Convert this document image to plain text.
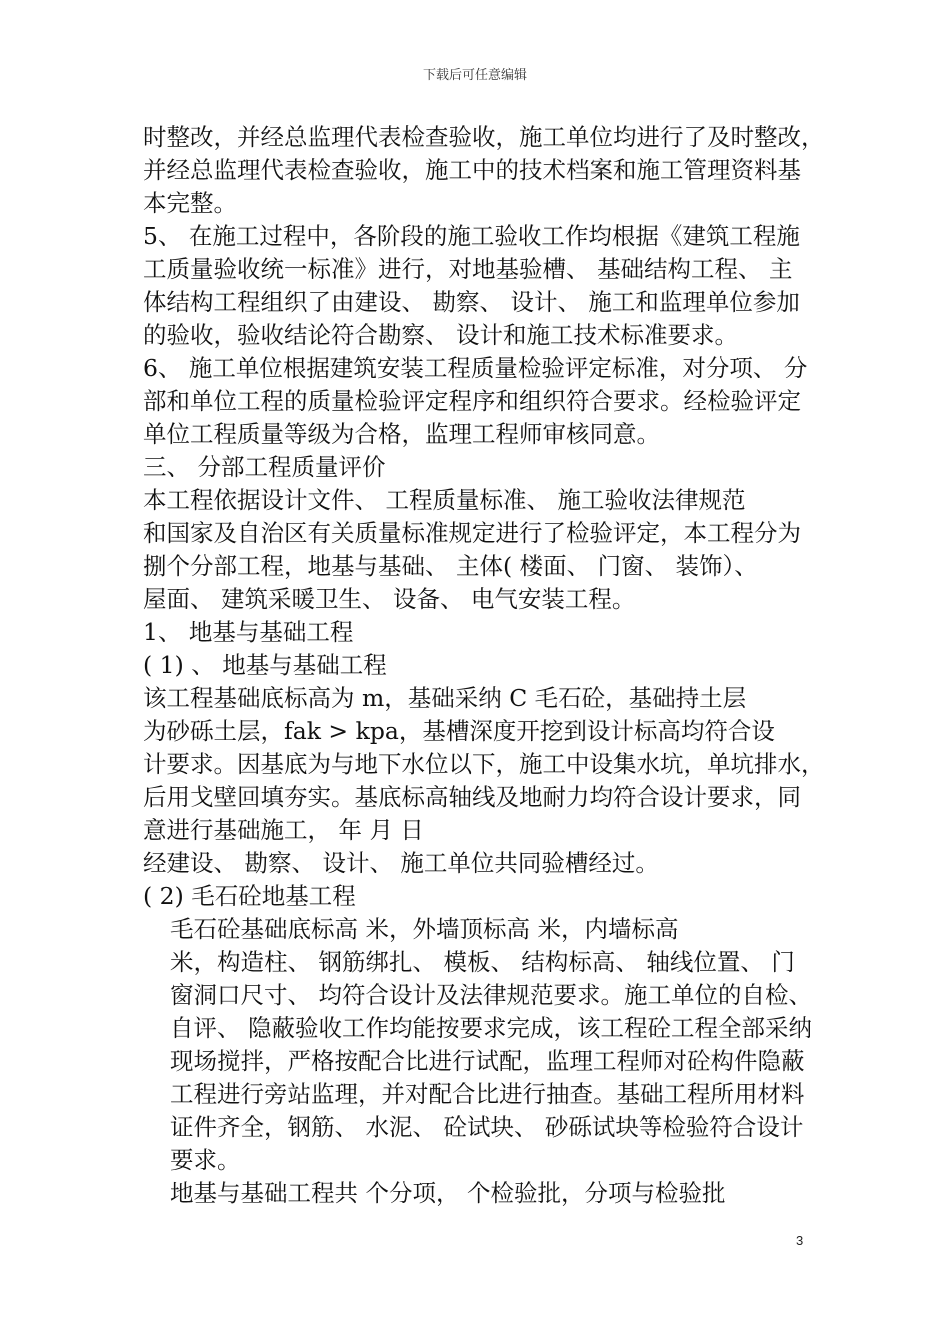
下载后可任意编辑
时整改，并经总监理代表检查验收，施工单位均进行了及时整改，
并经总监理代表检查验收，施工中的技术档案和施工管理资料基
本完整。
5、 在施工过程中，各阶段的施工验收工作均根据《建筑工程施
工质量验收统一标准》进行，对地基验槽、 基础结构工程、 主
体结构工程组织了由建设、 勘察、 设计、 施工和监理单位参加
的验收，验收结论符合勘察、 设计和施工技术标准要求。
6、 施工单位根据建筑安装工程质量检验评定标准，对分项、 分
部和单位工程的质量检验评定程序和组织符合要求。经检验评定
单位工程质量等级为合格，监理工程师审核同意。
三、 分部工程质量评价
本工程依据设计文件、 工程质量标准、 施工验收法律规范
和国家及自治区有关质量标准规定进行了检验评定，本工程分为
捌个分部工程，地基与基础、 主体( 楼面、 门窗、 装饰）、
屋面、 建筑采暖卫生、 设备、 电气安装工程。
1、 地基与基础工程
( 1) 、 地基与基础工程
该工程基础底标高为 m，基础采纳 C 毛石砼，基础持土层
为砂砾土层，fak > kpa，基槽深度开挖到设计标高均符合设
计要求。因基底为与地下水位以下，施工中设集水坑，单坑排水，
后用戈壁回填夯实。基底标高轴线及地耐力均符合设计要求，同
意进行基础施工， 年 月 日
经建设、 勘察、 设计、 施工单位共同验槽经过。
( 2) 毛石砼地基工程
毛石砼基础底标高 米，外墙顶标高 米，内墙标高
米，构造柱、 钢筋绑扎、 模板、 结构标高、 轴线位置、 门
窗洞口尺寸、 均符合设计及法律规范要求。施工单位的自检、
自评、 隐蔽验收工作均能按要求完成，该工程砼工程全部采纳
现场搅拌，严格按配合比进行试配，监理工程师对砼构件隐蔽
工程进行旁站监理，并对配合比进行抽查。基础工程所用材料
证件齐全，钢筋、 水泥、 砼试块、 砂砾试块等检验符合设计
要求。
地基与基础工程共 个分项， 个检验批，分项与检验批
3
